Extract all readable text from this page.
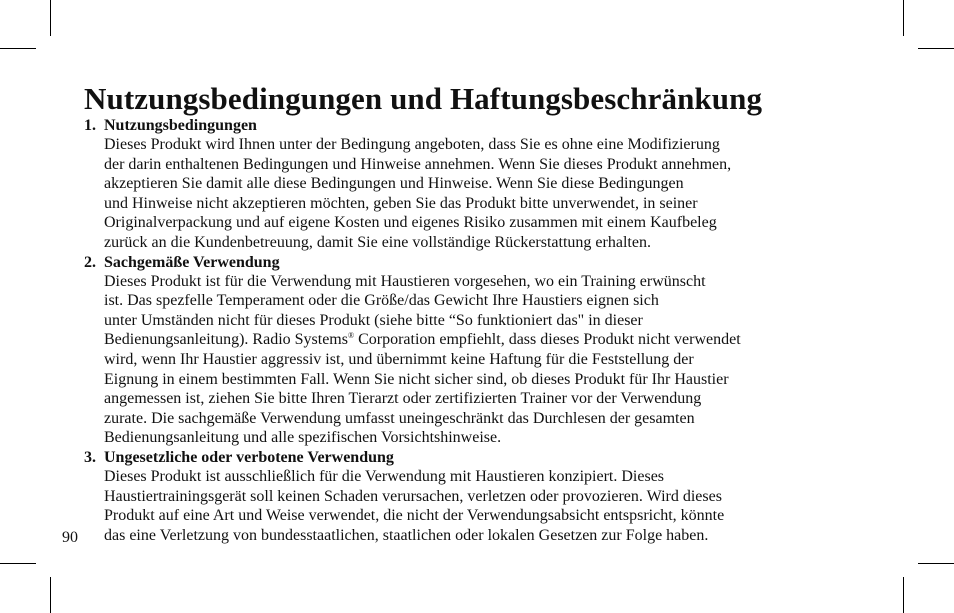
Nutzungsbedingungen und Haftungsbeschränkung
1. Nutzungsbedingungen
Dieses Produkt wird Ihnen unter der Bedingung angeboten, dass Sie es ohne eine Modifizierung
der darin enthaltenen Bedingungen und Hinweise annehmen. Wenn Sie dieses Produkt annehmen,
akzeptieren Sie damit alle diese Bedingungen und Hinweise. Wenn Sie diese Bedingungen
und Hinweise nicht akzeptieren möchten, geben Sie das Produkt bitte unverwendet, in seiner
Originalverpackung und auf eigene Kosten und eigenes Risiko zusammen mit einem Kaufbeleg
zurück an die Kundenbetreuung, damit Sie eine vollständige Rückerstattung erhalten.
2. Sachgemäße Verwendung
Dieses Produkt ist für die Verwendung mit Haustieren vorgesehen, wo ein Training erwünscht
ist. Das spezfelle Temperament oder die Größe/das Gewicht Ihre Haustiers eignen sich
unter Umständen nicht für dieses Produkt (siehe bitte “So funktioniert das" in dieser
Bedienungsanleitung). Radio Systems® Corporation empfiehlt, dass dieses Produkt nicht verwendet
wird, wenn Ihr Haustier aggressiv ist, und übernimmt keine Haftung für die Feststellung der
Eignung in einem bestimmten Fall. Wenn Sie nicht sicher sind, ob dieses Produkt für Ihr Haustier
angemessen ist, ziehen Sie bitte Ihren Tierarzt oder zertifizierten Trainer vor der Verwendung
zurate. Die sachgemäße Verwendung umfasst uneingeschränkt das Durchlesen der gesamten
Bedienungsanleitung und alle spezifischen Vorsichtshinweise.
3. Ungesetzliche oder verbotene Verwendung
Dieses Produkt ist ausschließlich für die Verwendung mit Haustieren konzipiert. Dieses
Haustiertrainingsgerät soll keinen Schaden verursachen, verletzen oder provozieren. Wird dieses
Produkt auf eine Art und Weise verwendet, die nicht der Verwendungsabsicht entspsricht, könnte
das eine Verletzung von bundesstaatlichen, staatlichen oder lokalen Gesetzen zur Folge haben.
90
